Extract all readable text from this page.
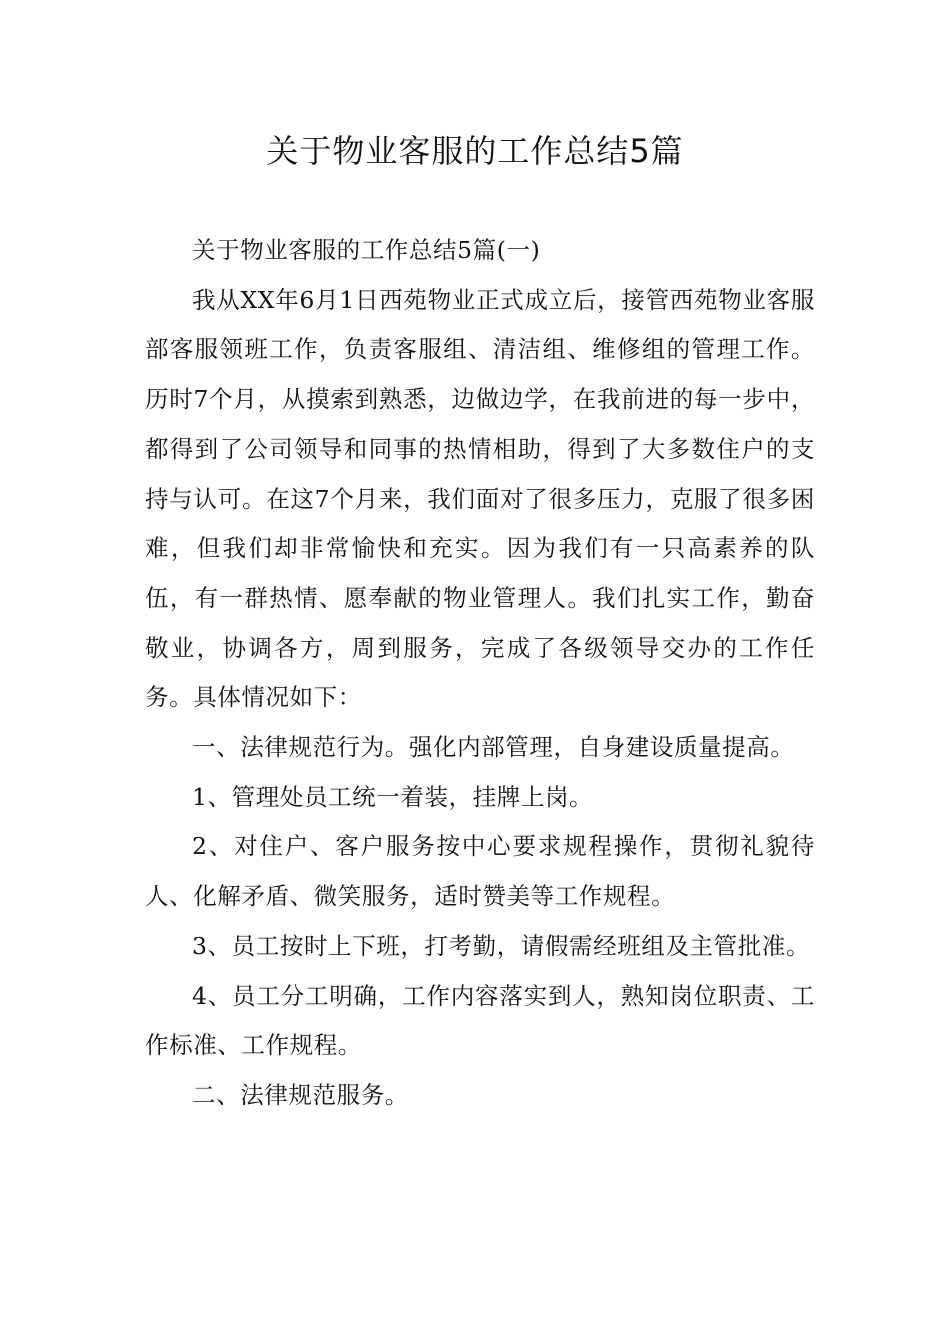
关于物业客服的工作总结5篇

关于物业客服的工作总结5篇(一)

我从XX年6月1日西苑物业正式成立后，接管西苑物业客服部客服领班工作，负责客服组、清洁组、维修组的管理工作。历时7个月，从摸索到熟悉，边做边学，在我前进的每一步中，都得到了公司领导和同事的热情相助，得到了大多数住户的支持与认可。在这7个月来，我们面对了很多压力，克服了很多困难，但我们却非常愉快和充实。因为我们有一只高素养的队伍，有一群热情、愿奉献的物业管理人。我们扎实工作，勤奋敬业，协调各方，周到服务，完成了各级领导交办的工作任务。具体情况如下：

一、法律规范行为。强化内部管理，自身建设质量提高。

1、管理处员工统一着装，挂牌上岗。

2、对住户、客户服务按中心要求规程操作，贯彻礼貌待人、化解矛盾、微笑服务，适时赞美等工作规程。

3、员工按时上下班，打考勤，请假需经班组及主管批准。

4、员工分工明确，工作内容落实到人，熟知岗位职责、工作标准、工作规程。

二、法律规范服务。
